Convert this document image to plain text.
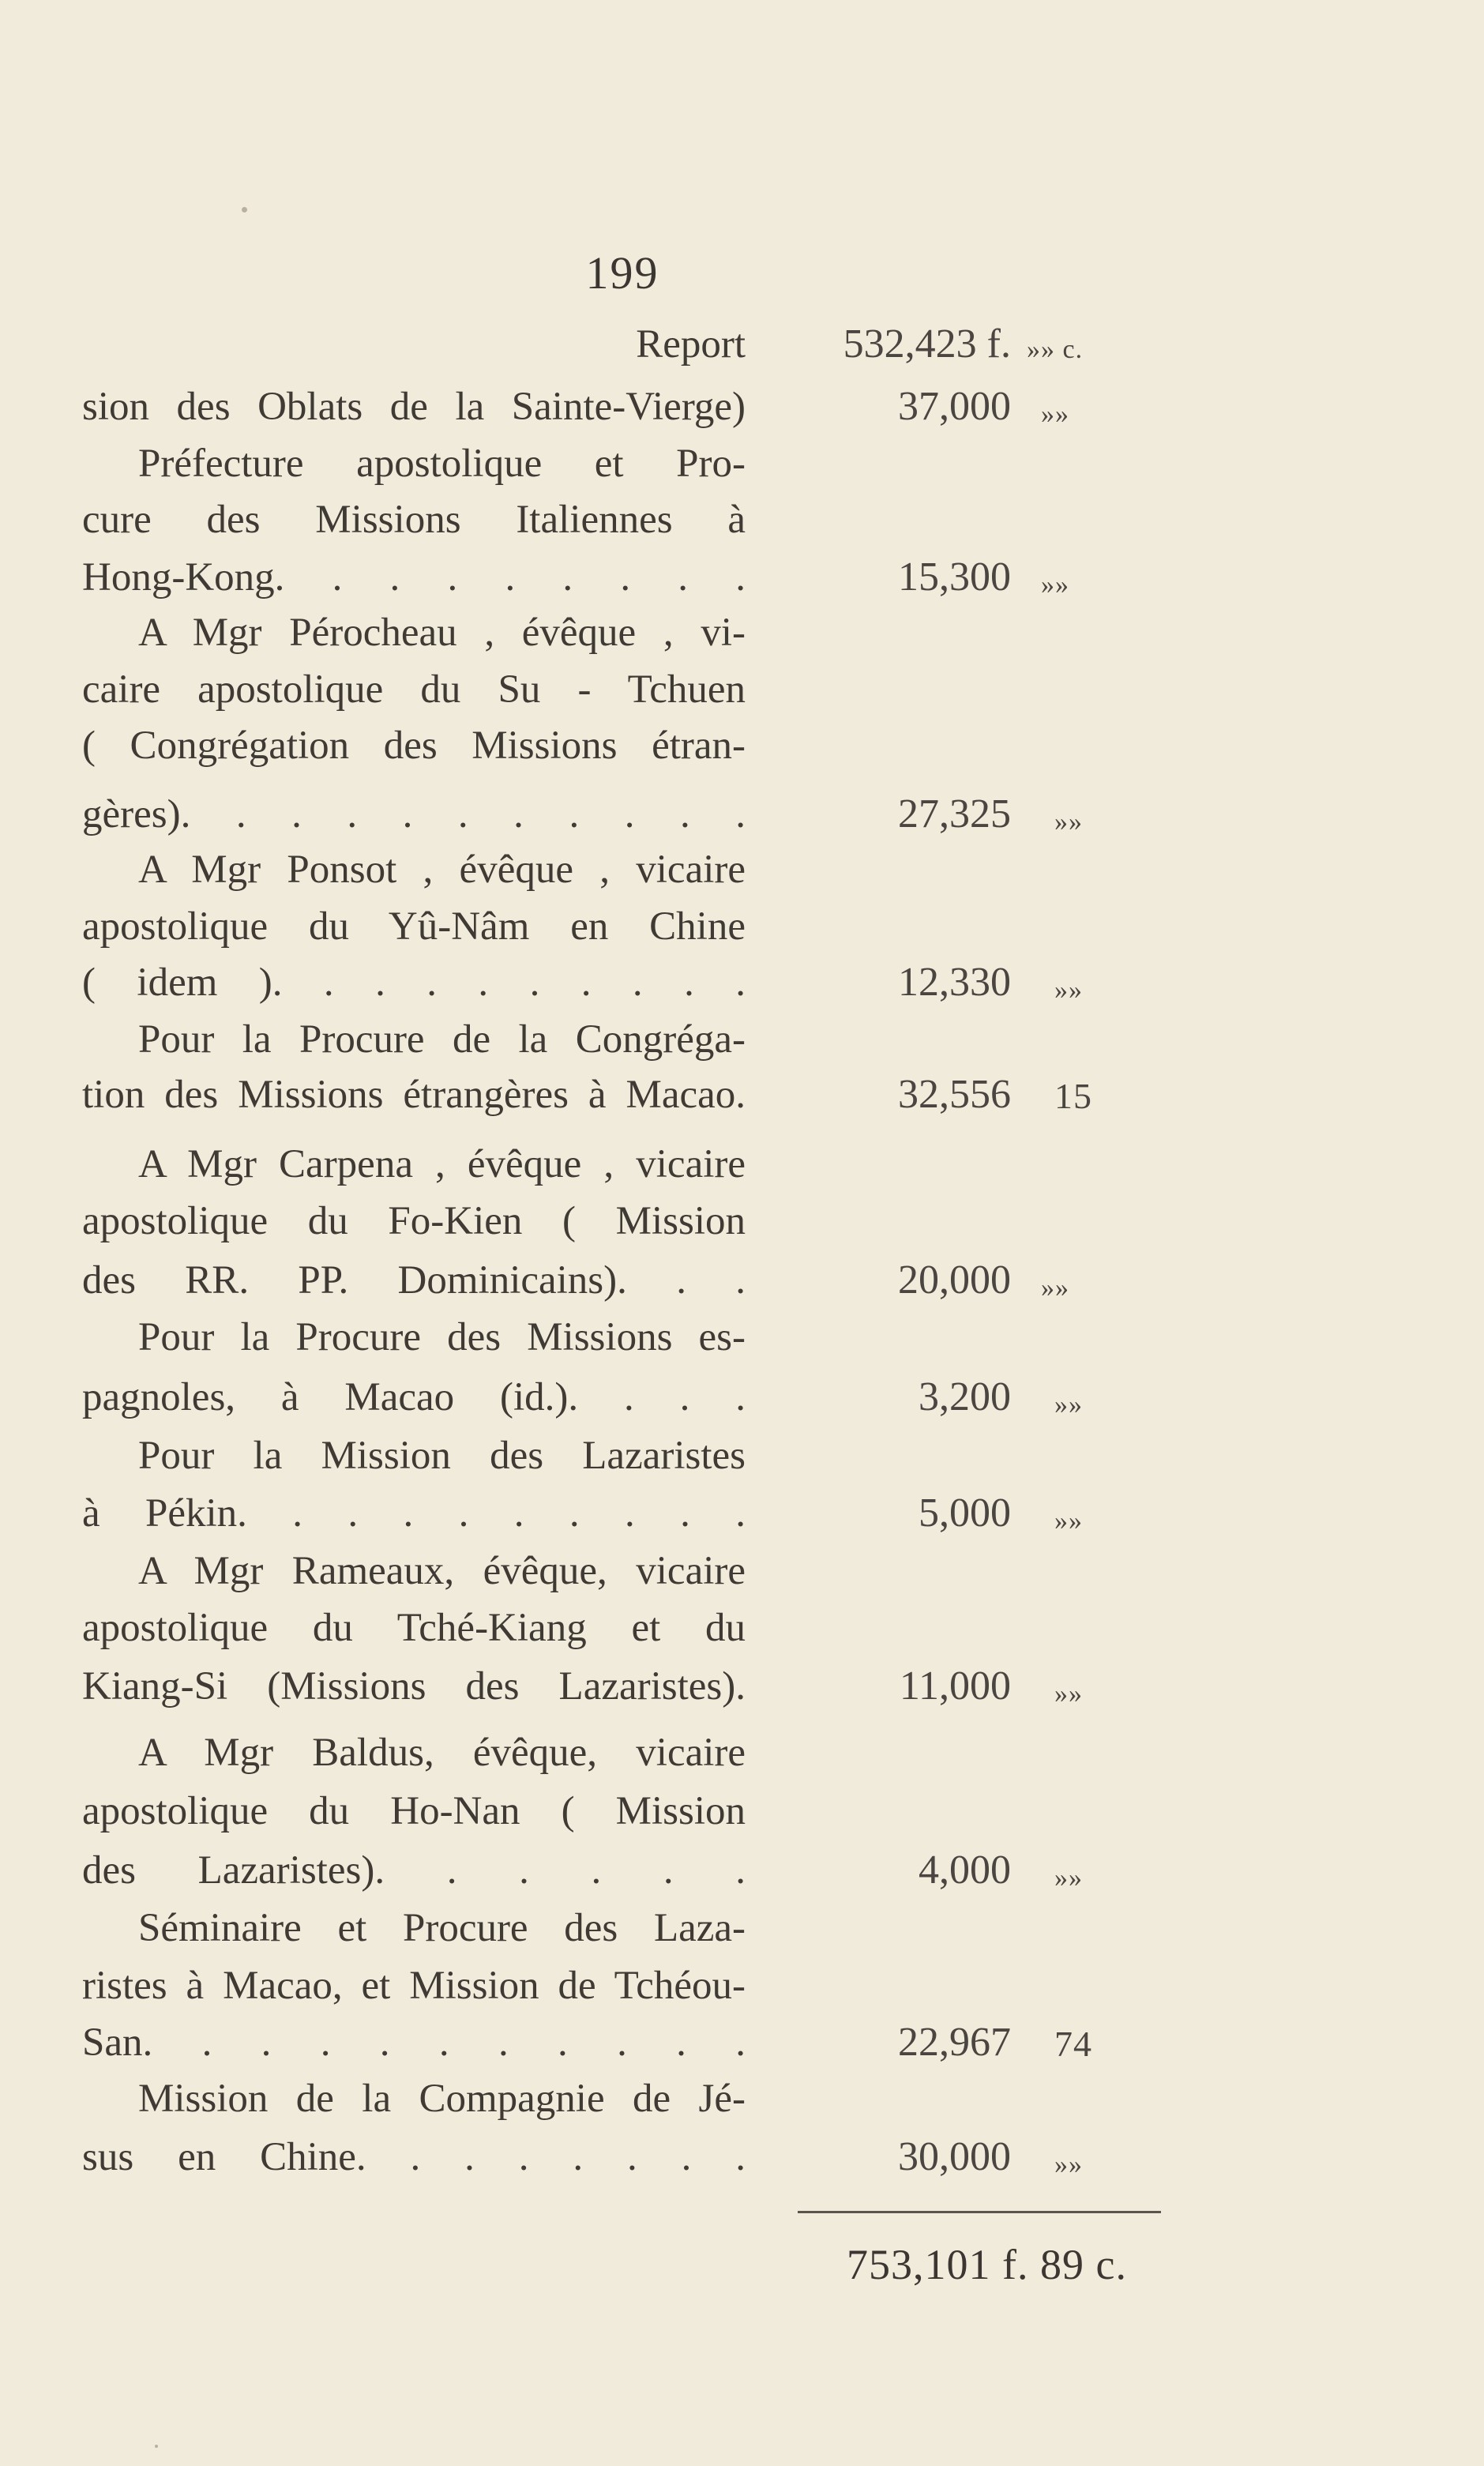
199
Report	532,423 f. »» c.
sion des Oblats de la Sainte-Vierge)
Préfecture apostolique et Pro-
cure des Missions Italiennes à
Hong-Kong. . . . . . . . .
A Mgr Pérocheau , évêque , vi-
caire apostolique du Su - Tchuen
( Congrégation des Missions étran-
gères). . . . . . . . . . .
A Mgr Ponsot , évêque , vicaire
apostolique du Yû-Nâm en Chine
( idem ). . . . . . . . . .
Pour la Procure de la Congréga-
tion des Missions étrangères à Macao.
A Mgr Carpena , évêque , vicaire
apostolique du Fo-Kien ( Mission
des RR. PP. Dominicains). . .
Pour la Procure des Missions es-
pagnoles, à Macao (id.). . . .
Pour la Mission des Lazaristes
à Pékin. . . . . . . . . .
A Mgr Rameaux, évêque, vicaire
apostolique du Tché-Kiang et du
Kiang-Si (Missions des Lazaristes).
A Mgr Baldus, évêque, vicaire
apostolique du Ho-Nan ( Mission
des Lazaristes). . . . . .
Séminaire et Procure des Laza-
ristes à Macao, et Mission de Tchéou-
San. . . . . . . . . . .
Mission de la Compagnie de Jé-
sus en Chine. . . . . . . .
37,000 »»
15,300 »»
27,325 »»
12,330 »»
32,556 15
20,000 »»
3,200 »»
5,000 »»
11,000 »»
4,000 »»
22,967 74
30,000 »»
753,101 f. 89 c.
